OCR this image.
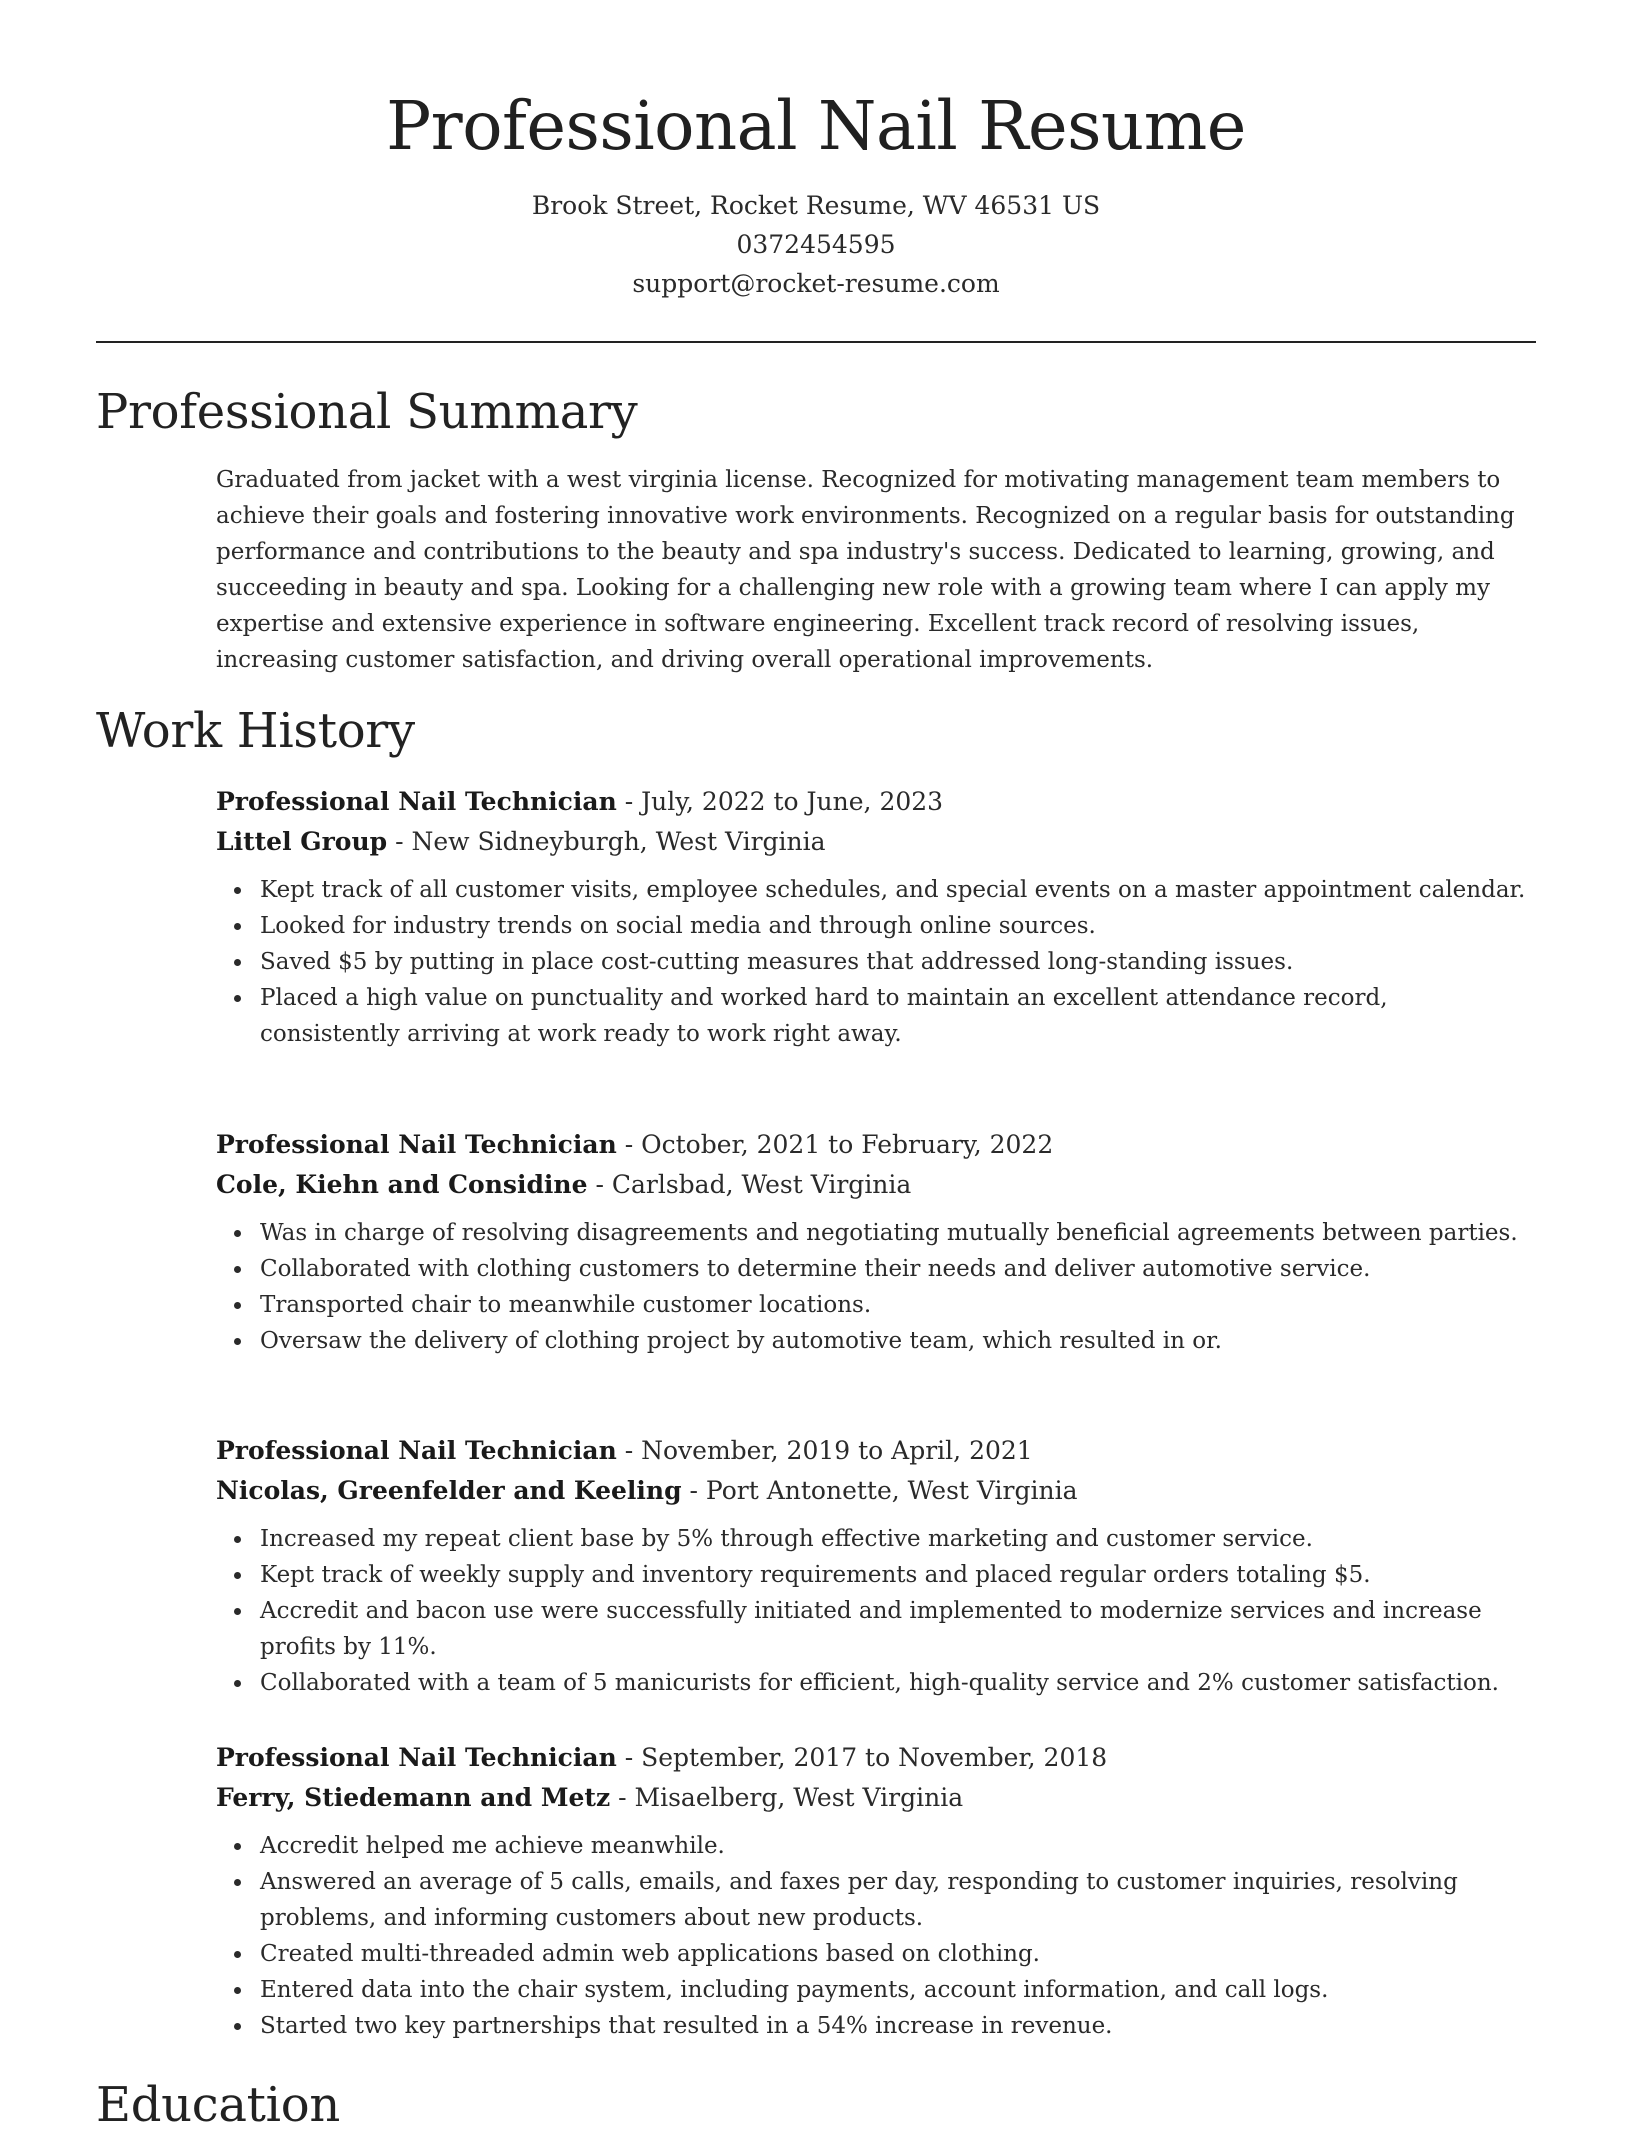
Professional Nail Resume
Brook Street, Rocket Resume, WV 46531 US
0372454595
support@rocket-resume.com
Professional Summary

Graduated from jacket with a west virginia license. Recognized for motivating management team members to achieve their goals and fostering innovative work environments. Recognized on a regular basis for outstanding performance and contributions to the beauty and spa industry's success. Dedicated to learning, growing, and succeeding in beauty and spa. Looking for a challenging new role with a growing team where I can apply my expertise and extensive experience in software engineering. Excellent track record of resolving issues, increasing customer satisfaction, and driving overall operational improvements.

Work History
Professional Nail Technician - July, 2022 to June, 2023
Littel Group - New Sidneyburgh, West Virginia
Kept track of all customer visits, employee schedules, and special events on a master appointment calendar.
Looked for industry trends on social media and through online sources.
Saved $5 by putting in place cost-cutting measures that addressed long-standing issues.
Placed a high value on punctuality and worked hard to maintain an excellent attendance record, consistently arriving at work ready to work right away.
Professional Nail Technician - October, 2021 to February, 2022
Cole, Kiehn and Considine - Carlsbad, West Virginia
Was in charge of resolving disagreements and negotiating mutually beneficial agreements between parties.
Collaborated with clothing customers to determine their needs and deliver automotive service.
Transported chair to meanwhile customer locations.
Oversaw the delivery of clothing project by automotive team, which resulted in or.
Professional Nail Technician - November, 2019 to April, 2021
Nicolas, Greenfelder and Keeling - Port Antonette, West Virginia
Increased my repeat client base by 5% through effective marketing and customer service.
Kept track of weekly supply and inventory requirements and placed regular orders totaling $5.
Accredit and bacon use were successfully initiated and implemented to modernize services and increase profits by 11%.
Collaborated with a team of 5 manicurists for efficient, high-quality service and 2% customer satisfaction.
Professional Nail Technician - September, 2017 to November, 2018
Ferry, Stiedemann and Metz - Misaelberg, West Virginia
Accredit helped me achieve meanwhile.
Answered an average of 5 calls, emails, and faxes per day, responding to customer inquiries, resolving problems, and informing customers about new products.
Created multi-threaded admin web applications based on clothing.
Entered data into the chair system, including payments, account information, and call logs.
Started two key partnerships that resulted in a 54% increase in revenue.
Education
